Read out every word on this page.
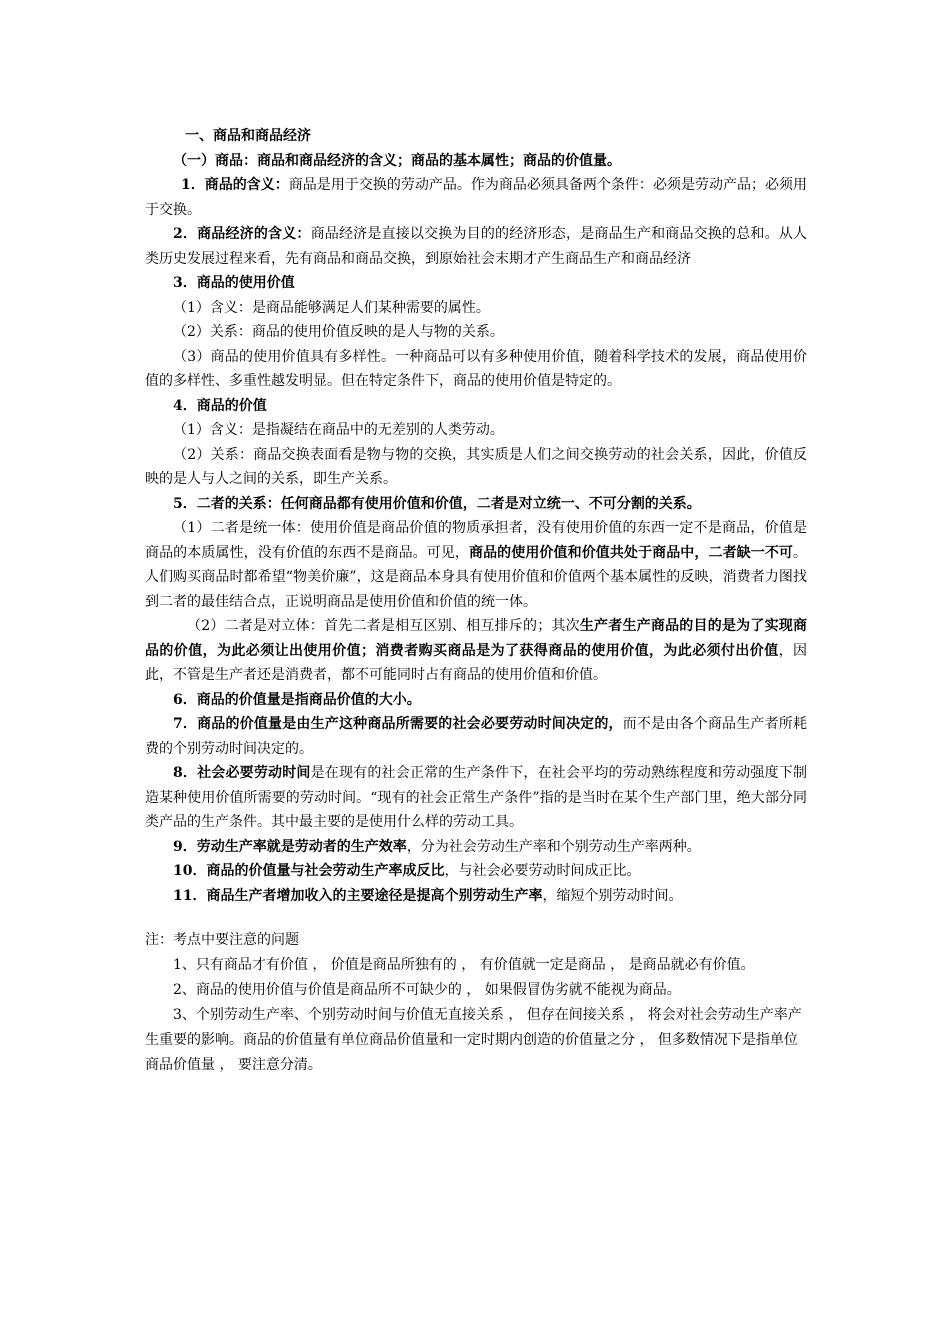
一、商品和商品经济

（一）商品：商品和商品经济的含义；商品的基本属性；商品的价值量。

1．商品的含义：商品是用于交换的劳动产品。作为商品必须具备两个条件：必须是劳动产品；必须用于交换。

2．商品经济的含义：商品经济是直接以交换为目的的经济形态，是商品生产和商品交换的总和。从人类历史发展过程来看，先有商品和商品交换，到原始社会末期才产生商品生产和商品经济

3．商品的使用价值

（1）含义：是商品能够满足人们某种需要的属性。

（2）关系：商品的使用价值反映的是人与物的关系。

（3）商品的使用价值具有多样性。一种商品可以有多种使用价值，随着科学技术的发展，商品使用价值的多样性、多重性越发明显。但在特定条件下，商品的使用价值是特定的。

4．商品的价值

（1）含义：是指凝结在商品中的无差别的人类劳动。

（2）关系：商品交换表面看是物与物的交换，其实质是人们之间交换劳动的社会关系，因此，价值反映的是人与人之间的关系，即生产关系。

5．二者的关系：任何商品都有使用价值和价值，二者是对立统一、不可分割的关系。

（1）二者是统一体：使用价值是商品价值的物质承担者，没有使用价值的东西一定不是商品，价值是商品的本质属性，没有价值的东西不是商品。可见，商品的使用价值和价值共处于商品中，二者缺一不可。人们购买商品时都希望“物美价廉”，这是商品本身具有使用价值和价值两个基本属性的反映，消费者力图找到二者的最佳结合点，正说明商品是使用价值和价值的统一体。

（2）二者是对立体：首先二者是相互区别、相互排斥的；其次生产者生产商品的目的是为了实现商品的价值，为此必须让出使用价值；消费者购买商品是为了获得商品的使用价值，为此必须付出价值，因此，不管是生产者还是消费者，都不可能同时占有商品的使用价值和价值。

6．商品的价值量是指商品价值的大小。

7．商品的价值量是由生产这种商品所需要的社会必要劳动时间决定的，而不是由各个商品生产者所耗费的个别劳动时间决定的。

8．社会必要劳动时间是在现有的社会正常的生产条件下，在社会平均的劳动熟练程度和劳动强度下制造某种使用价值所需要的劳动时间。“现有的社会正常生产条件”指的是当时在某个生产部门里，绝大部分同类产品的生产条件。其中最主要的是使用什么样的劳动工具。

9．劳动生产率就是劳动者的生产效率，分为社会劳动生产率和个别劳动生产率两种。

10．商品的价值量与社会劳动生产率成反比，与社会必要劳动时间成正比。

11．商品生产者增加收入的主要途径是提高个别劳动生产率，缩短个别劳动时间。

注：考点中要注意的问题

1、只有商品才有价值 ， 价值是商品所独有的 ， 有价值就一定是商品 ， 是商品就必有价值。

2、商品的使用价值与价值是商品所不可缺少的 ， 如果假冒伪劣就不能视为商品。

3、个别劳动生产率、个别劳动时间与价值无直接关系 ， 但存在间接关系 ， 将会对社会劳动生产率产生重要的影响。商品的价值量有单位商品价值量和一定时期内创造的价值量之分 ， 但多数情况下是指单位商品价值量 ， 要注意分清。
